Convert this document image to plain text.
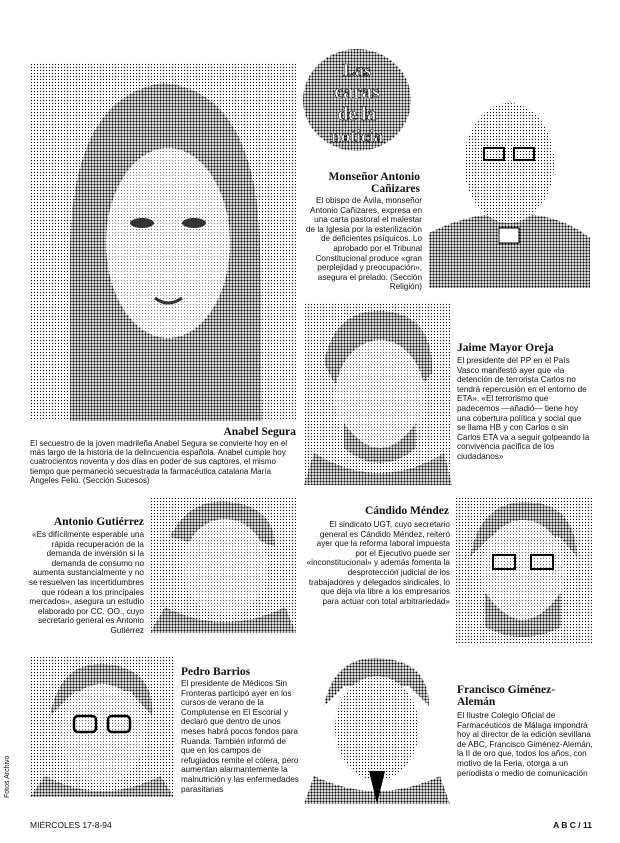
Las
caras
de la
noticia
Anabel Segura
El secuestro de la joven madrileña Anabel Segura se convierte hoy en el más largo de la historia de la delincuencia española. Anabel cumple hoy cuatrocientos noventa y dos días en poder de sus captores, el mismo tiempo que permaneció secuestrada la farmacéutica catalana María Ángeles Feliú. (Sección Sucesos)
Monseñor Antonio Cañizares
El obispo de Ávila, monseñor Antonio Cañizares, expresa en una carta pastoral el malestar de la Iglesia por la esterilización de deficientes psíquicos. Lo aprobado por el Tribunal Constitucional produce «gran perplejidad y preocupación», asegura el prelado. (Sección Religión)
Jaime Mayor Oreja
El presidente del PP en el País Vasco manifestó ayer que «la detención de terrorista Carlos no tendrá repercusión en el entorno de ETA». «El terrorismo que padecemos —añadió— tiene hoy una cobertura política y social que se llama HB y con Carlos o sin Carlos ETA va a seguir golpeando la convivencia pacífica de los ciudadanos»
Antonio Gutiérrez
«Es difícilmente esperable una rápida recuperación de la demanda de inversión si la demanda de consumo no aumenta sustancialmente y no se resuelven las incertidumbres que rodean a los principales mercados», asegura un estudio elaborado por CC. OO., cuyo secretario general es Antonio Gutiérrez
Cándido Méndez
El sindicato UGT, cuyo secretario general es Cándido Méndez, reiteró ayer que la reforma laboral impuesta por el Ejecutivo puede ser «inconstitucional» y además fomenta la desprotección judicial de los trabajadores y delegados sindicales, lo que deja vía libre a los empresarios para actuar con total arbitrariedad»
Pedro Barrios
El presidente de Médicos Sin Fronteras participó ayer en los cursos de verano de la Complutense en El Escorial y declaró que dentro de unos meses habrá pocos fondos para Ruanda. También informó de que en los campos de refugiados remite el cólera, pero aumentan alarmantemente la malnutrición y las enfermedades parasitarias
Francisco Giménez-Alemán
El Ilustre Colegio Oficial de Farmacéuticos de Málaga impondrá hoy al director de la edición sevillana de ABC, Francisco Giménez-Alemán, la II de oro que, todos los años, con motivo de la Feria, otorga a un periodista o medio de comunicación
Fotos Archivo
MIÉRCOLES 17-8-94	A B C / 11
